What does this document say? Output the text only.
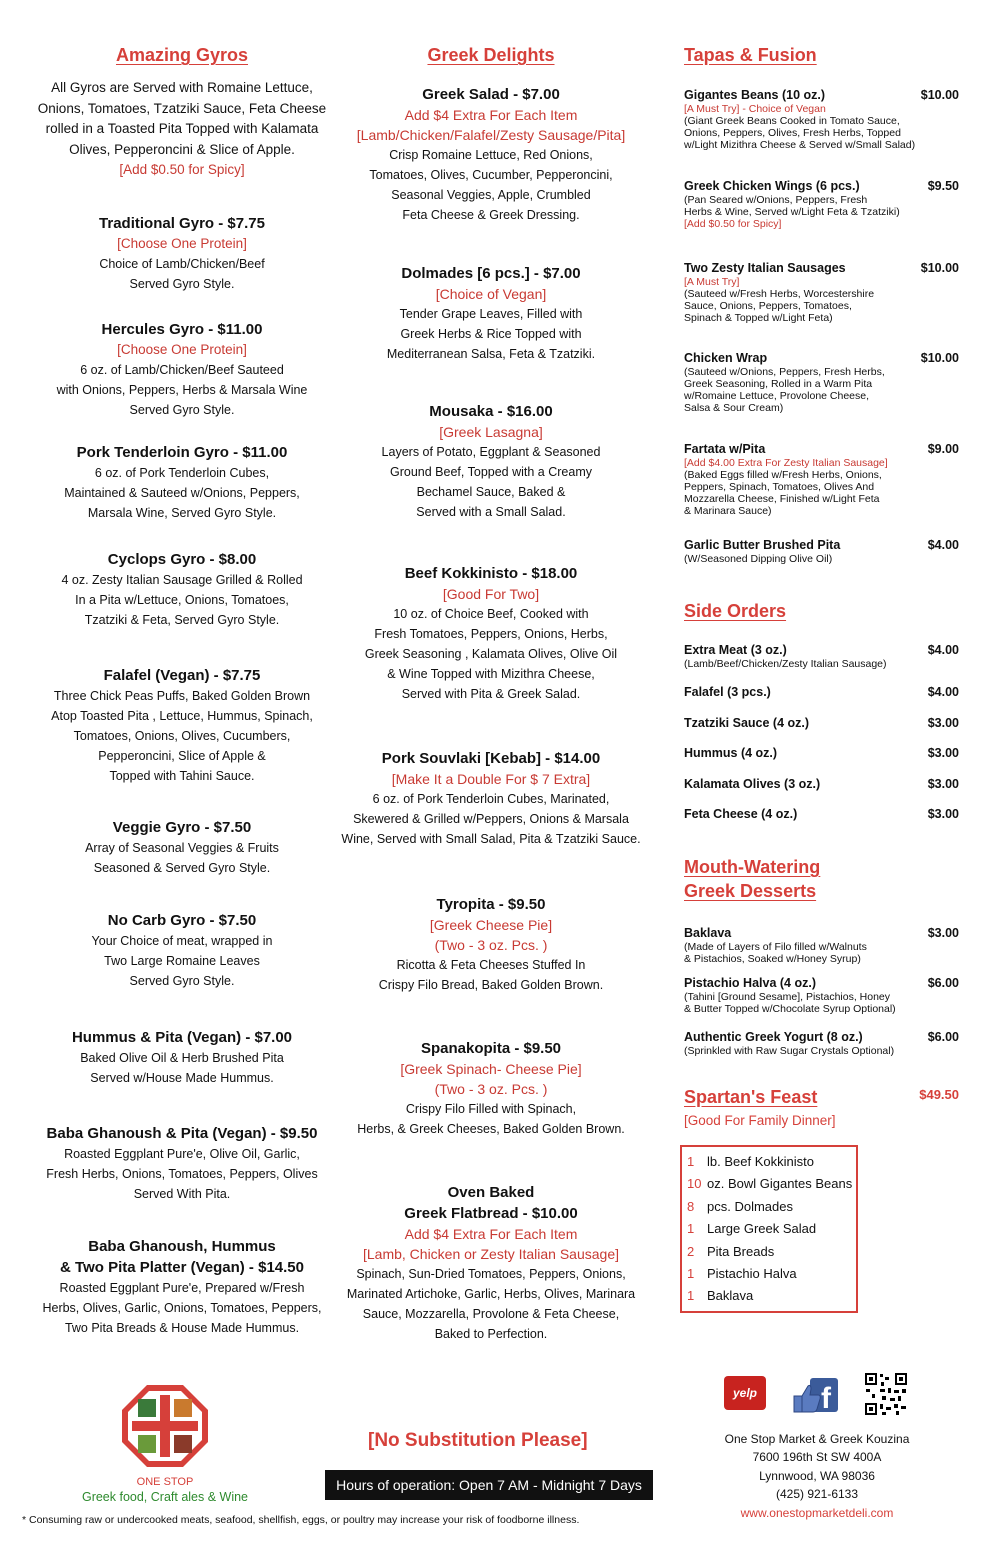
Amazing Gyros
All Gyros are Served with Romaine Lettuce, Onions, Tomatoes, Tzatziki Sauce, Feta Cheese rolled in a Toasted Pita Topped with Kalamata Olives, Pepperoncini & Slice of Apple.
[Add $0.50 for Spicy]
Traditional Gyro - $7.75
[Choose One Protein]
Choice of Lamb/Chicken/Beef
Served Gyro Style.
Hercules Gyro - $11.00
[Choose One Protein]
6 oz. of Lamb/Chicken/Beef Sauteed
with Onions, Peppers, Herbs & Marsala Wine
Served Gyro Style.
Pork Tenderloin Gyro - $11.00
6 oz. of Pork Tenderloin Cubes,
Maintained & Sauteed w/Onions, Peppers,
Marsala Wine, Served Gyro Style.
Cyclops Gyro - $8.00
4 oz. Zesty Italian Sausage Grilled & Rolled
In a Pita w/Lettuce, Onions, Tomatoes,
Tzatziki & Feta, Served Gyro Style.
Falafel (Vegan) - $7.75
Three Chick Peas Puffs, Baked Golden Brown
Atop Toasted Pita , Lettuce, Hummus, Spinach,
Tomatoes, Onions, Olives, Cucumbers,
Pepperoncini, Slice of Apple &
Topped with Tahini Sauce.
Veggie Gyro - $7.50
Array of Seasonal Veggies & Fruits
Seasoned & Served Gyro Style.
No Carb Gyro - $7.50
Your Choice of meat, wrapped in
Two Large Romaine Leaves
Served Gyro Style.
Hummus & Pita (Vegan) - $7.00
Baked Olive Oil & Herb Brushed Pita
Served w/House Made Hummus.
Baba Ghanoush & Pita (Vegan) - $9.50
Roasted Eggplant Pure'e, Olive Oil, Garlic,
Fresh Herbs, Onions, Tomatoes, Peppers, Olives
Served With Pita.
Baba Ghanoush, Hummus
& Two Pita Platter (Vegan) - $14.50
Roasted Eggplant Pure'e, Prepared w/Fresh
Herbs, Olives, Garlic, Onions, Tomatoes, Peppers,
Two Pita Breads & House Made Hummus.
Greek Delights
Greek Salad - $7.00
Add $4 Extra For Each Item
[Lamb/Chicken/Falafel/Zesty Sausage/Pita]
Crisp Romaine Lettuce, Red Onions,
Tomatoes, Olives, Cucumber, Pepperoncini,
Seasonal Veggies, Apple, Crumbled
Feta Cheese & Greek Dressing.
Dolmades [6 pcs.] - $7.00
[Choice of Vegan]
Tender Grape Leaves, Filled with
Greek Herbs & Rice Topped with
Mediterranean Salsa, Feta & Tzatziki.
Mousaka - $16.00
[Greek Lasagna]
Layers of Potato, Eggplant & Seasoned
Ground Beef, Topped with a Creamy
Bechamel Sauce, Baked &
Served with a Small Salad.
Beef Kokkinisto - $18.00
[Good For Two]
10 oz. of Choice Beef, Cooked with
Fresh Tomatoes, Peppers, Onions, Herbs,
Greek Seasoning , Kalamata Olives, Olive Oil
& Wine Topped with Mizithra Cheese,
Served with Pita & Greek Salad.
Pork Souvlaki [Kebab] - $14.00
[Make It a Double For $ 7 Extra]
6 oz. of Pork Tenderloin Cubes, Marinated,
Skewered & Grilled w/Peppers, Onions & Marsala
Wine, Served with Small Salad, Pita & Tzatziki Sauce.
Tyropita - $9.50
[Greek Cheese Pie]
(Two - 3 oz. Pcs. )
Ricotta & Feta Cheeses Stuffed In
Crispy Filo Bread, Baked Golden Brown.
Spanakopita - $9.50
[Greek Spinach- Cheese Pie]
(Two - 3 oz. Pcs. )
Crispy Filo Filled with Spinach,
Herbs, & Greek Cheeses, Baked Golden Brown.
Oven Baked
Greek Flatbread - $10.00
Add $4 Extra For Each Item
[Lamb, Chicken or Zesty Italian Sausage]
Spinach, Sun-Dried Tomatoes, Peppers, Onions,
Marinated Artichoke, Garlic, Herbs, Olives, Marinara
Sauce, Mozzarella, Provolone & Feta Cheese,
Baked to Perfection.
Tapas & Fusion
Gigantes Beans (10 oz.)	$10.00
[A Must Try] - Choice of Vegan
(Giant Greek Beans Cooked in Tomato Sauce,
Onions, Peppers, Olives, Fresh Herbs, Topped
w/Light Mizithra Cheese & Served w/Small Salad)
Greek Chicken Wings (6 pcs.)	$9.50
(Pan Seared w/Onions, Peppers, Fresh
Herbs & Wine, Served w/Light Feta & Tzatziki)
[Add $0.50 for Spicy]
Two Zesty Italian Sausages	$10.00
[A Must Try]
(Sauteed w/Fresh Herbs, Worcestershire
Sauce, Onions, Peppers, Tomatoes,
Spinach & Topped w/Light Feta)
Chicken Wrap	$10.00
(Sauteed w/Onions, Peppers, Fresh Herbs,
Greek Seasoning, Rolled in a Warm Pita
w/Romaine Lettuce, Provolone Cheese,
Salsa & Sour Cream)
Fartata w/Pita	$9.00
[Add $4.00 Extra For Zesty Italian Sausage]
(Baked Eggs filled w/Fresh Herbs, Onions,
Peppers, Spinach, Tomatoes, Olives And
Mozzarella Cheese, Finished w/Light Feta
& Marinara Sauce)
Garlic Butter Brushed Pita	$4.00
(W/Seasoned Dipping Olive Oil)
Side Orders
Extra Meat (3 oz.)	$4.00
(Lamb/Beef/Chicken/Zesty Italian Sausage)
Falafel (3 pcs.)	$4.00
Tzatziki Sauce (4 oz.)	$3.00
Hummus (4 oz.)	$3.00
Kalamata Olives (3 oz.)	$3.00
Feta Cheese (4 oz.)	$3.00
Mouth-Watering
Greek Desserts
Baklava	$3.00
(Made of Layers of Filo filled w/Walnuts
& Pistachios, Soaked w/Honey Syrup)
Pistachio Halva (4 oz.)	$6.00
(Tahini [Ground Sesame], Pistachios, Honey
& Butter Topped w/Chocolate Syrup Optional)
Authentic Greek Yogurt (8 oz.)	$6.00
(Sprinkled with Raw Sugar Crystals Optional)
Spartan's Feast	$49.50
[Good For Family Dinner]
1 lb. Beef Kokkinisto
10 oz. Bowl Gigantes Beans
8 pcs. Dolmades
1 Large Greek Salad
2 Pita Breads
1 Pistachio Halva
1 Baklava
ONE STOP
Greek food, Craft ales & Wine
[No Substitution Please]
Hours of operation: Open 7 AM - Midnight 7 Days
yelp	f
One Stop Market & Greek Kouzina
7600 196th St SW 400A
Lynnwood, WA 98036
(425) 921-6133
www.onestopmarketdeli.com
* Consuming raw or undercooked meats, seafood, shellfish, eggs, or poultry may increase your risk of foodborne illness.
